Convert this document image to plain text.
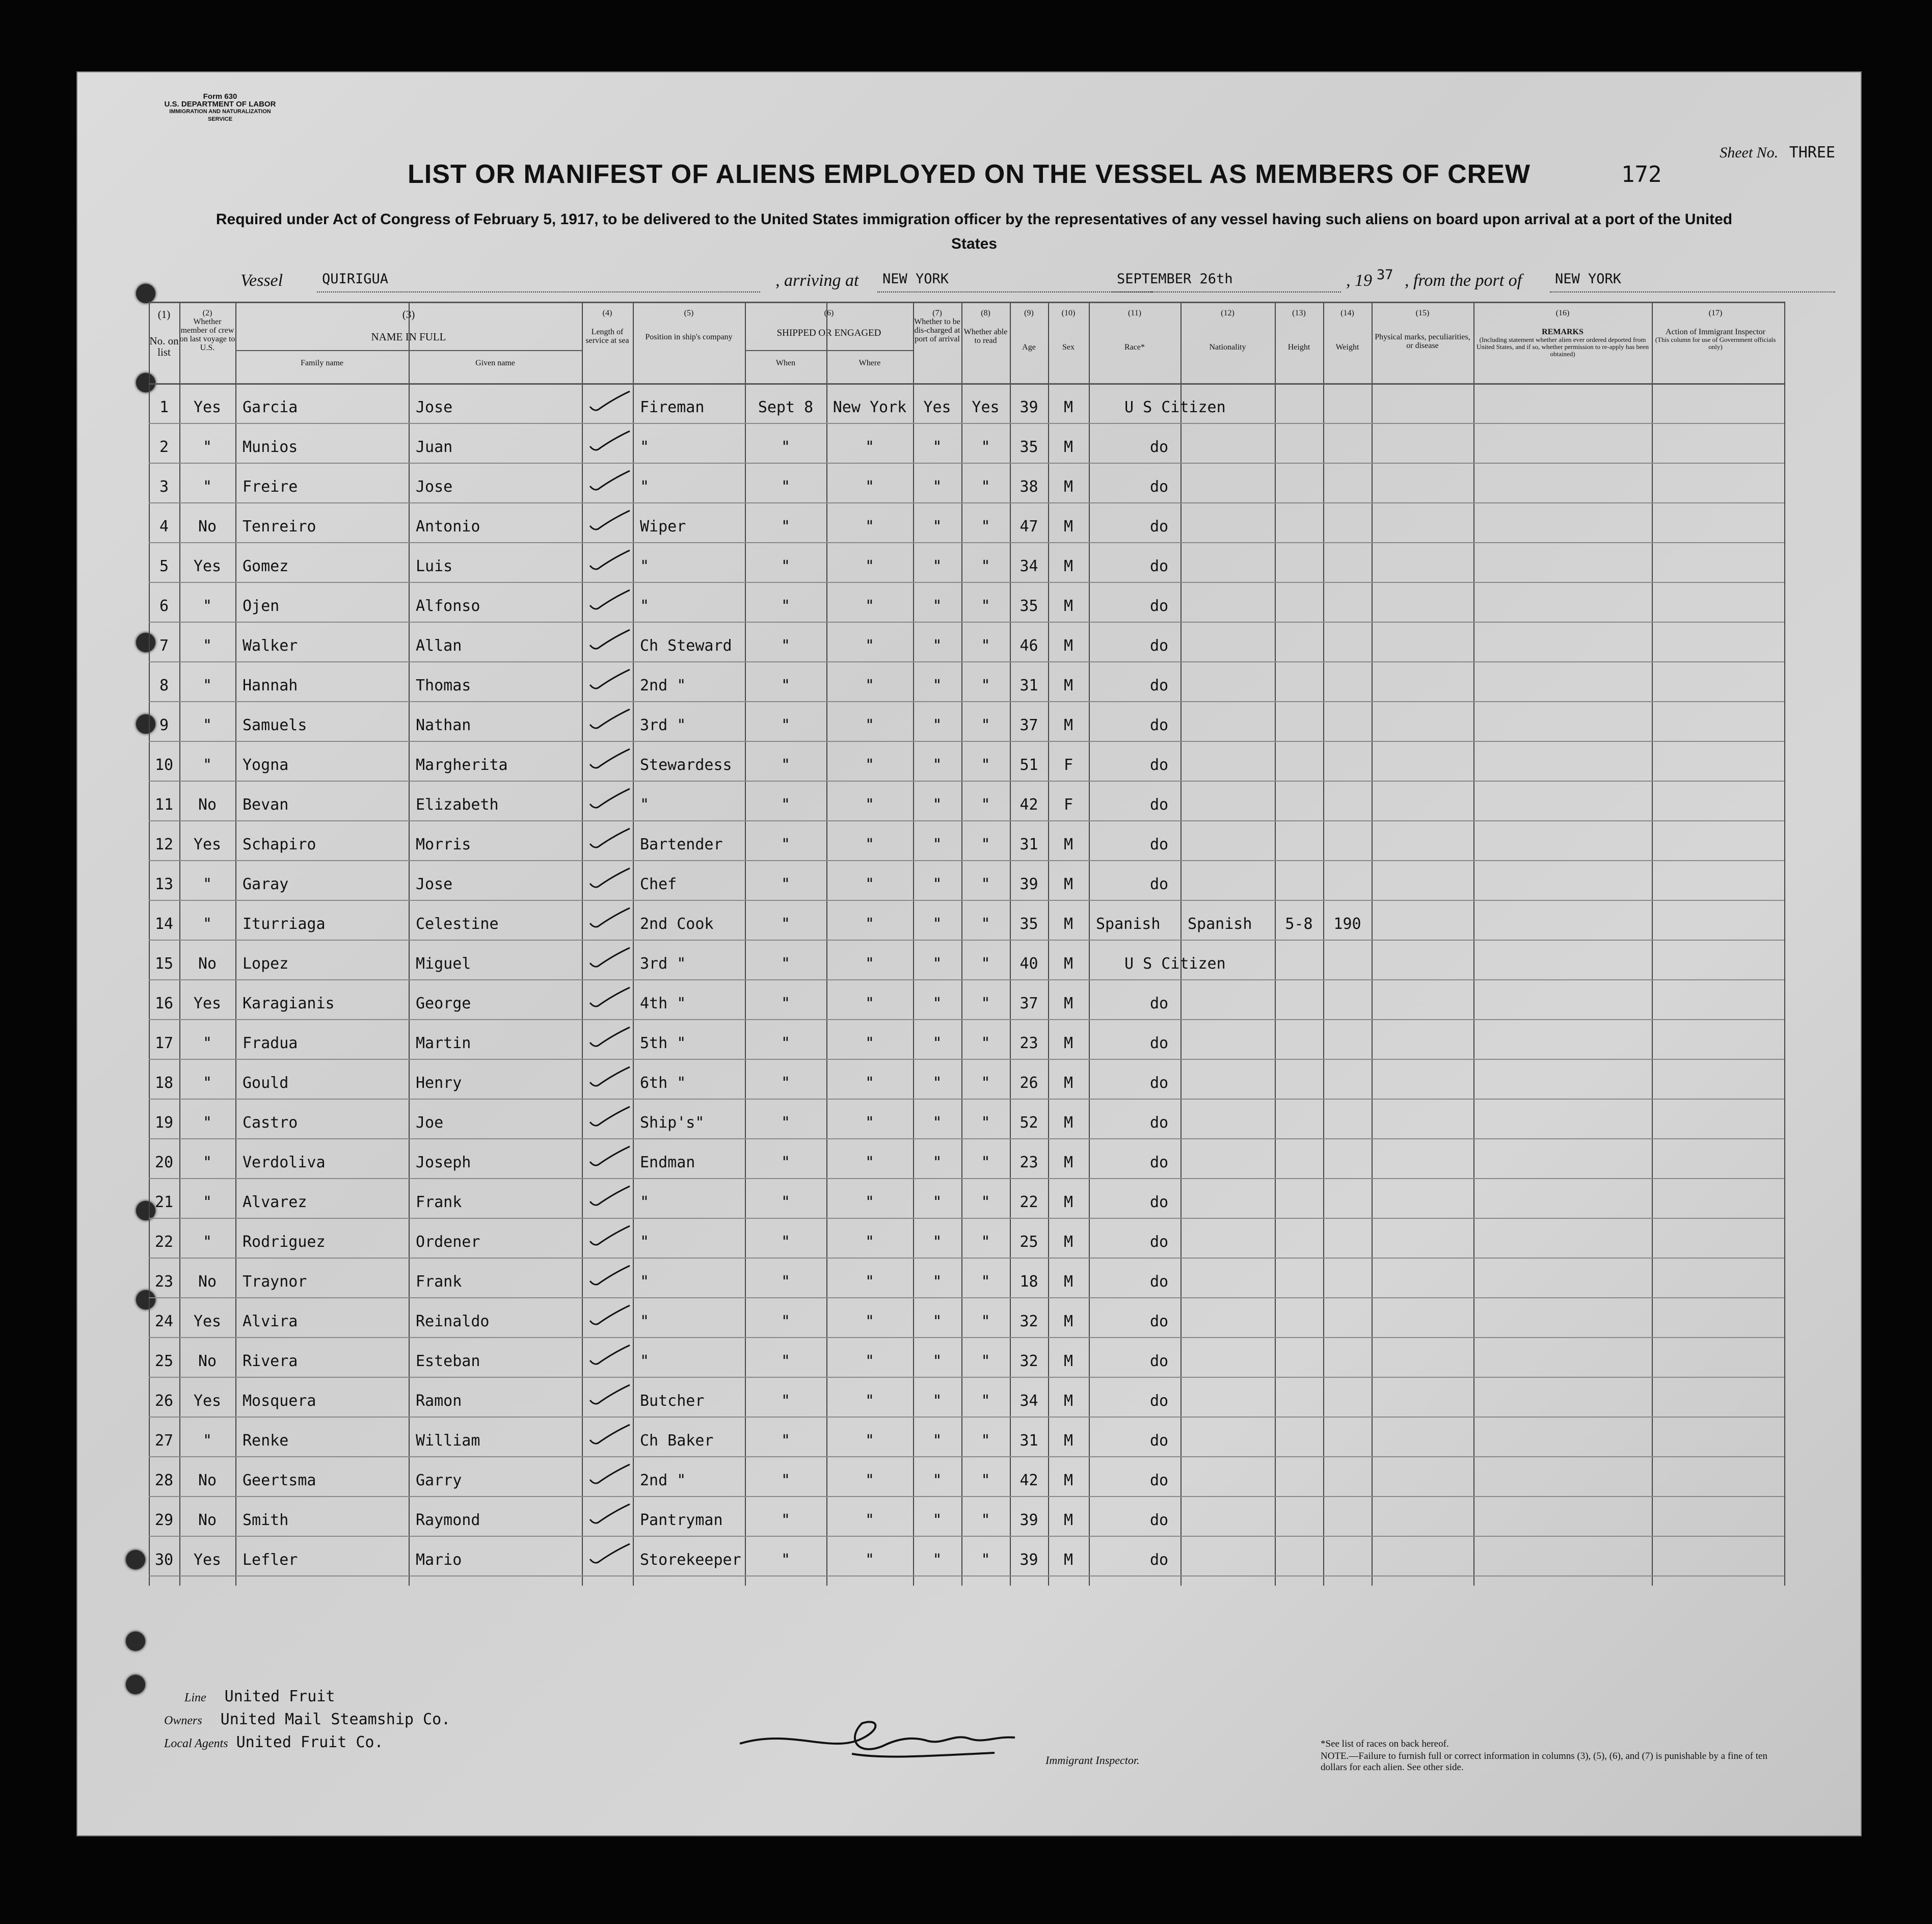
Form 630
U.S. DEPARTMENT OF LABOR
IMMIGRATION AND NATURALIZATION SERVICE
Sheet No. THREE
LIST OR MANIFEST OF ALIENS EMPLOYED ON THE VESSEL AS MEMBERS OF CREW	172
Required under Act of Congress of February 5, 1917, to be delivered to the United States immigration officer by the representatives of any vessel having such aliens on board upon arrival at a port of the United States
Vessel	QUIRIGUA	, arriving at NEW YORK	SEPTEMBER 26th	, 19 37 , from the port of NEW YORK
(1)
No. on list
(2)
Whether member of crew on last voyage to U.S.
(3)
NAME IN FULL
Family name	Given name
(4)
Length of service at sea
(5)
Position in ship's company
(6)
SHIPPED OR ENGAGED
When	Where
(7)
Whether to be dis-charged at port of arrival
(8)
Whether able to read
(9)
Age
(10)
Sex
(11)
Race*
(12)
Nationality
(13)
Height
(14)
Weight
(15)
Physical marks, peculiarities, or disease
(16)
REMARKS
(Including statement whether alien ever ordered deported from United States, and if so, whether permission to re-apply has been obtained)
(17)
Action of Immigrant Inspector
(This column for use of Government officials only)
1	Yes	Garcia	Jose	Fireman	Sept 8	New York	Yes	Yes	39	M	U S Citizen
2	"	Munios	Juan	"	"	"	"	"	35	M	do
3	"	Freire	Jose	"	"	"	"	"	38	M	do
4	No	Tenreiro	Antonio	Wiper	"	"	"	"	47	M	do
5	Yes	Gomez	Luis	"	"	"	"	"	34	M	do
6	"	Ojen	Alfonso	"	"	"	"	"	35	M	do
7	"	Walker	Allan	Ch Steward	"	"	"	"	46	M	do
8	"	Hannah	Thomas	2nd "	"	"	"	"	31	M	do
9	"	Samuels	Nathan	3rd "	"	"	"	"	37	M	do
10	"	Yogna	Margherita	Stewardess	"	"	"	"	51	F	do
11	No	Bevan	Elizabeth	"	"	"	"	"	42	F	do
12	Yes	Schapiro	Morris	Bartender	"	"	"	"	31	M	do
13	"	Garay	Jose	Chef	"	"	"	"	39	M	do
14	"	Iturriaga	Celestine	2nd Cook	"	"	"	"	35	M	Spanish	Spanish	5-8	190
15	No	Lopez	Miguel	3rd "	"	"	"	"	40	M	U S Citizen
16	Yes	Karagianis	George	4th "	"	"	"	"	37	M	do
17	"	Fradua	Martin	5th "	"	"	"	"	23	M	do
18	"	Gould	Henry	6th "	"	"	"	"	26	M	do
19	"	Castro	Joe	Ship's"	"	"	"	"	52	M	do
20	"	Verdoliva	Joseph	Endman	"	"	"	"	23	M	do
21	"	Alvarez	Frank	"	"	"	"	"	22	M	do
22	"	Rodriguez	Ordener	"	"	"	"	"	25	M	do
23	No	Traynor	Frank	"	"	"	"	"	18	M	do
24	Yes	Alvira	Reinaldo	"	"	"	"	"	32	M	do
25	No	Rivera	Esteban	"	"	"	"	"	32	M	do
26	Yes	Mosquera	Ramon	Butcher	"	"	"	"	34	M	do
27	"	Renke	William	Ch Baker	"	"	"	"	31	M	do
28	No	Geertsma	Garry	2nd "	"	"	"	"	42	M	do
29	No	Smith	Raymond	Pantryman	"	"	"	"	39	M	do
30	Yes	Lefler	Mario	Storekeeper	"	"	"	"	39	M	do
Line United Fruit
Owners United Mail Steamship Co.
Local Agents United Fruit Co.
Immigrant Inspector.
*See list of races on back hereof.
NOTE.—Failure to furnish full or correct information in columns (3), (5), (6), and (7) is punishable by a fine of ten dollars for each alien. See other side.
